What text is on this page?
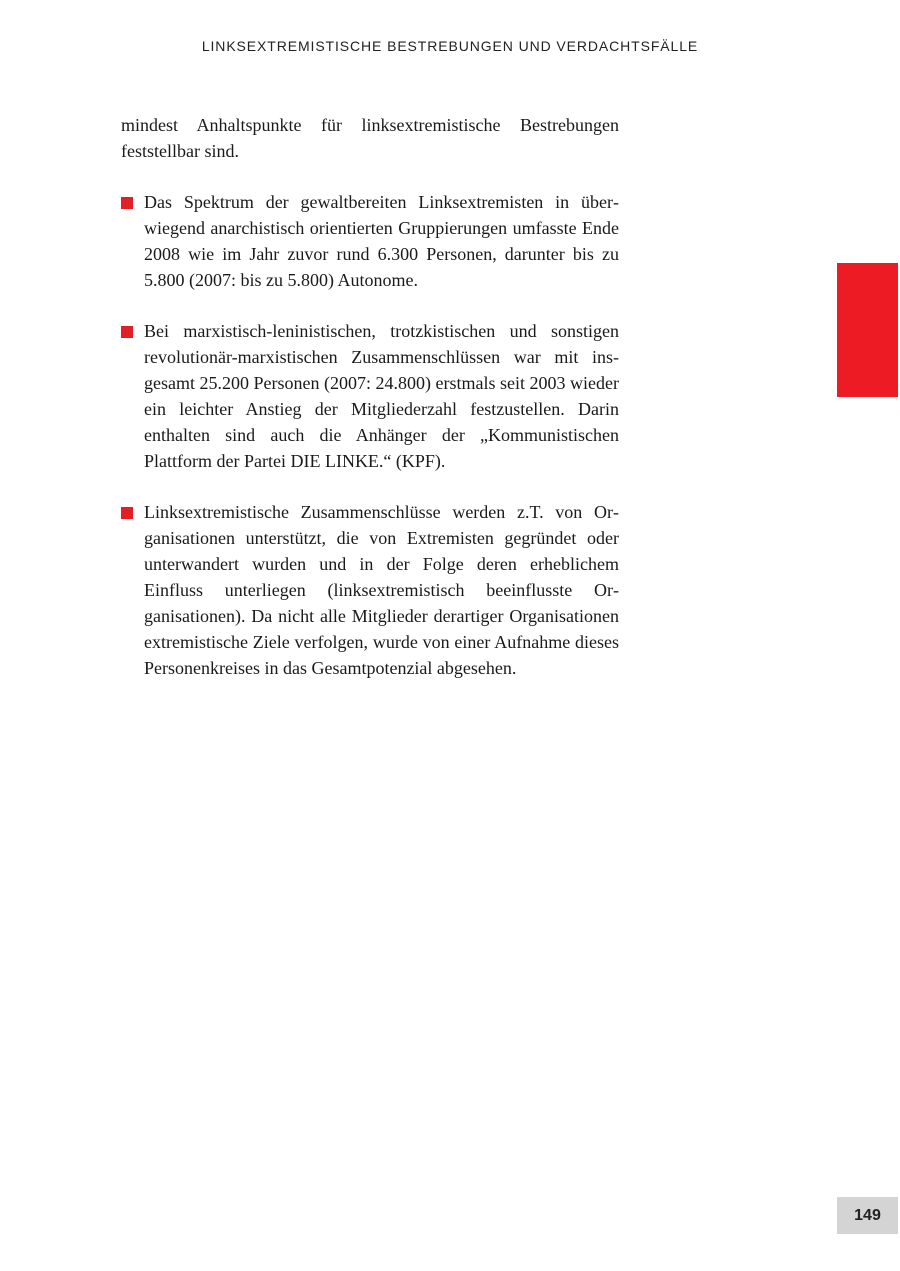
LINKSEXTREMISTISCHE BESTREBUNGEN UND VERDACHTSFÄLLE

mindest Anhaltspunkte für linksextremistische Bestrebungen feststellbar sind.

Das Spektrum der gewaltbereiten Linksextremisten in überwiegend anarchistisch orientierten Gruppierungen umfasste Ende 2008 wie im Jahr zuvor rund 6.300 Personen, darunter bis zu 5.800 (2007: bis zu 5.800) Autonome.
Bei marxistisch-leninistischen, trotzkistischen und sonstigen revolutionär-marxistischen Zusammenschlüssen war mit insgesamt 25.200 Personen (2007: 24.800) erstmals seit 2003 wieder ein leichter Anstieg der Mitgliederzahl festzustellen. Darin enthalten sind auch die Anhänger der „Kommunistischen Plattform der Partei DIE LINKE.“ (KPF).
Linksextremistische Zusammenschlüsse werden z.T. von Organisationen unterstützt, die von Extremisten gegründet oder unterwandert wurden und in der Folge deren erheblichem Einfluss unterliegen (linksextremistisch beeinflusste Organisationen). Da nicht alle Mitglieder derartiger Organisationen extremistische Ziele verfolgen, wurde von einer Aufnahme dieses Personenkreises in das Gesamtpotenzial abgesehen.
149
